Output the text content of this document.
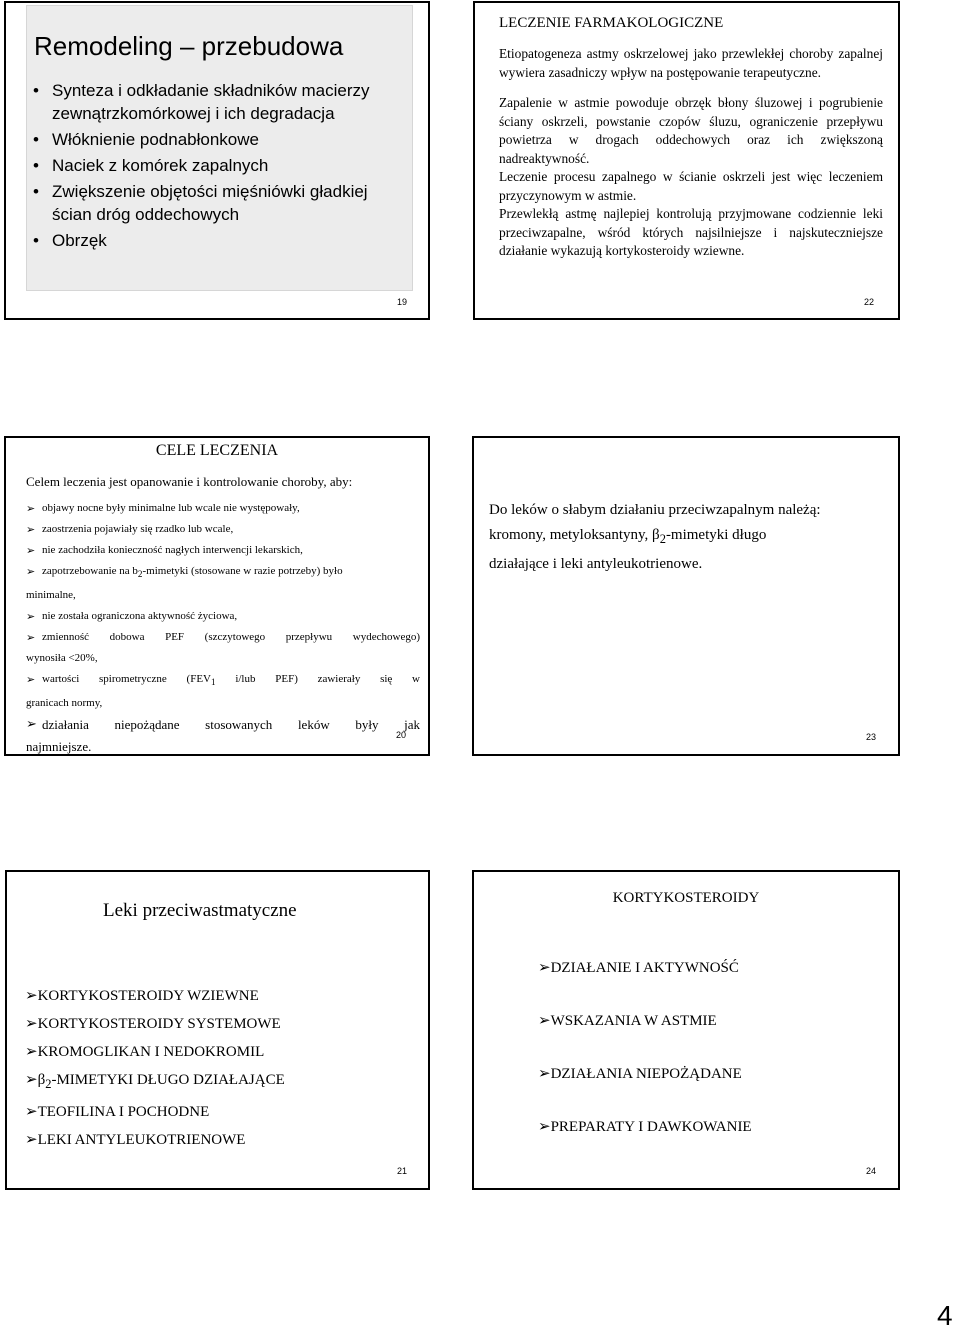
Remodeling – przebudowa
• Synteza i odkładanie składników macierzy zewnątrzkomórkowej i ich degradacja
• Włóknienie podnabłonkowe
• Naciek z komórek zapalnych
• Zwiększenie objętości mięśniówki gładkiej ścian dróg oddechowych
• Obrzęk
19
LECZENIE FARMAKOLOGICZNE

Etiopatogeneza astmy oskrzelowej jako przewlekłej choroby zapalnej wywiera zasadniczy wpływ na postępowanie terapeutyczne.

Zapalenie w astmie powoduje obrzęk błony śluzowej i pogrubienie ściany oskrzeli, powstanie czopów śluzu, ograniczenie przepływu powietrza w drogach oddechowych oraz ich zwiększoną nadreaktywność.

Leczenie procesu zapalnego w ścianie oskrzeli jest więc leczeniem przyczynowym w astmie.

Przewlekłą astmę najlepiej kontrolują przyjmowane codziennie leki przeciwzapalne, wśród których najsilniejsze i najskuteczniejsze działanie wykazują kortykosteroidy wziewne.

22
CELE LECZENIA
Celem leczenia jest opanowanie i kontrolowanie choroby, aby:
➢ objawy nocne były minimalne lub wcale nie występowały,
➢ zaostrzenia pojawiały się rzadko lub wcale,
➢ nie zachodziła konieczność nagłych interwencji lekarskich,
➢ zapotrzebowanie na $b_2$-mimetyki (stosowane w razie potrzeby) było
minimalne,
➢ nie została ograniczona aktywność życiowa,
➢ zmienność dobowa PEF (szczytowego przepływu wydechowego)
wynosiła <20%,
➢ wartości spirometryczne ($FEV_1$ i/lub PEF) zawierały się w
granicach normy,
➢ działania niepożądane stosowanych leków były jak
najmniejsze.
20
Do leków o słabym działaniu przeciwzapalnym należą:
kromony, metyloksantyny, $\beta_2$-mimetyki długo
działające i leki antyleukotrienowe.
23
Leki przeciwastmatyczne
➢KORTYKOSTEROIDY WZIEWNE
➢KORTYKOSTEROIDY SYSTEMOWE
➢KROMOGLIKAN I NEDOKROMIL
$➢\beta_2$-MIMETYKI DŁUGO DZIAŁAJĄCE
➢TEOFILINA I POCHODNE
➢LEKI ANTYLEUKOTRIENOWE
21
KORTYKOSTEROIDY
➢DZIAŁANIE I AKTYWNOŚĆ
➢WSKAZANIA W ASTMIE
➢DZIAŁANIA NIEPOŻĄDANE
➢PREPARATY I DAWKOWANIE
24
4
